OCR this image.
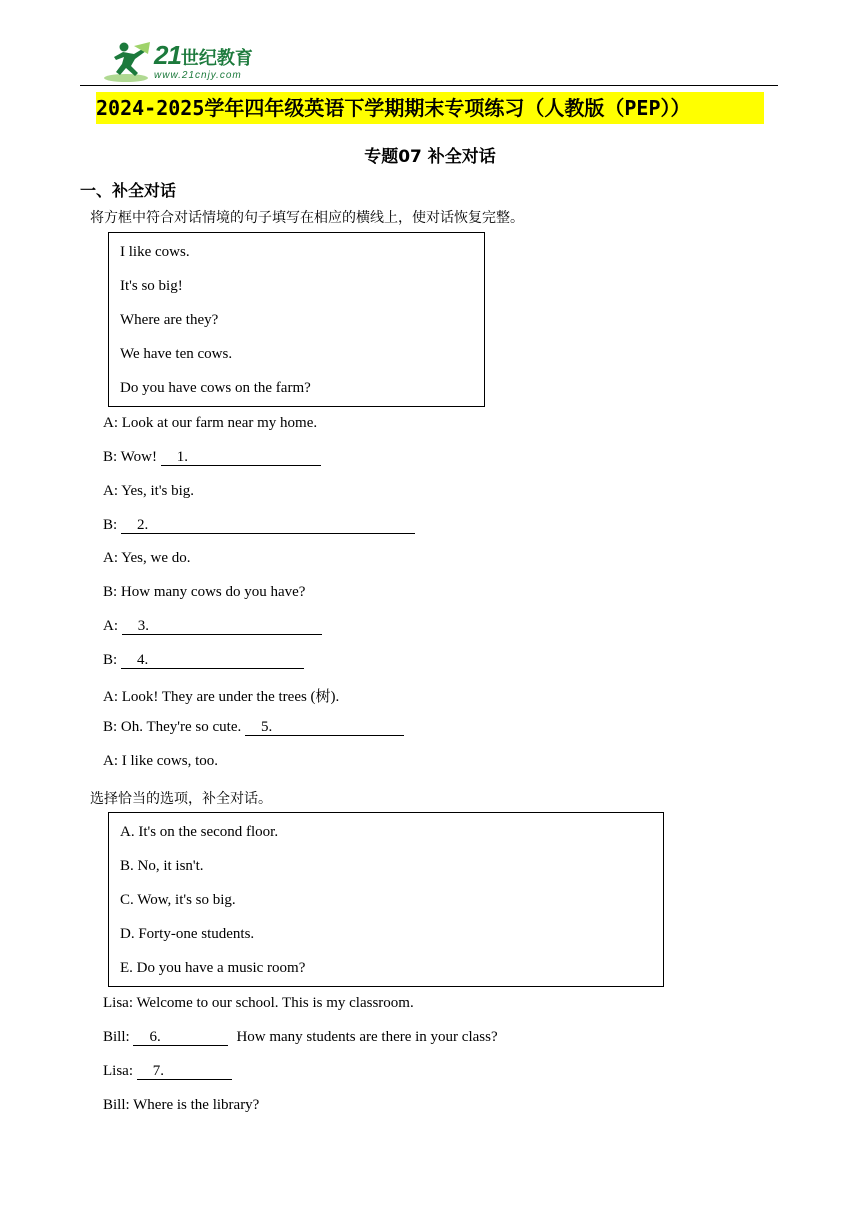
21世纪教育
www.21cnjy.com
2024-2025学年四年级英语下学期期末专项练习（人教版（PEP））
专题07 补全对话
一、补全对话
将方框中符合对话情境的句子填写在相应的横线上，使对话恢复完整。
I like cows.
It's so big!
Where are they?
We have ten cows.
Do you have cows on the farm?
A: Look at our farm near my home.
B: Wow! 1.
A: Yes, it's big.
B: 2.
A: Yes, we do.
B: How many cows do you have?
A: 3.
B: 4.
A: Look! They are under the trees (树).
B: Oh. They're so cute. 5.
A: I like cows, too.
选择恰当的选项，补全对话。
A. It's on the second floor.
B. No, it isn't.
C. Wow, it's so big.
D. Forty-one students.
E. Do you have a music room?
Lisa: Welcome to our school. This is my classroom.
Bill: 6.	How many students are there in your class?
Lisa: 7.
Bill: Where is the library?
